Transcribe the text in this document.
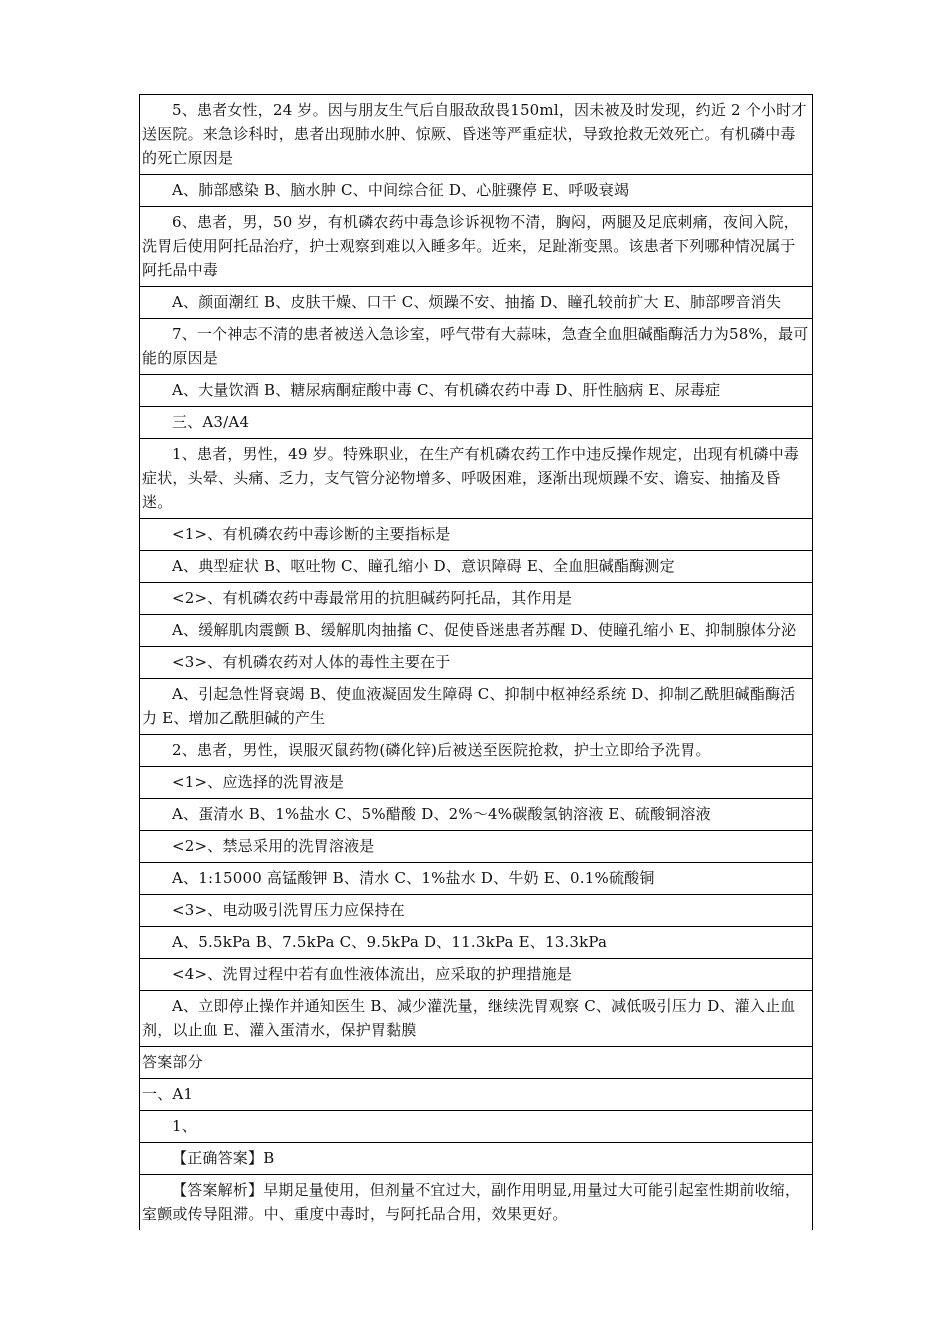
5、患者女性，24 岁。因与朋友生气后自服敌敌畏150ml，因未被及时发现，约近 2 个小时才送医院。来急诊科时，患者出现肺水肿、惊厥、昏迷等严重症状，导致抢救无效死亡。有机磷中毒的死亡原因是
A、肺部感染 B、脑水肿 C、中间综合征 D、心脏骤停 E、呼吸衰竭
6、患者，男，50 岁，有机磷农药中毒急诊诉视物不清，胸闷，两腿及足底刺痛，夜间入院，洗胃后使用阿托品治疗，护士观察到难以入睡多年。近来，足趾渐变黑。该患者下列哪种情况属于阿托品中毒
A、颜面潮红 B、皮肤干燥、口干 C、烦躁不安、抽搐 D、瞳孔较前扩大 E、肺部啰音消失
7、一个神志不清的患者被送入急诊室，呼气带有大蒜味，急查全血胆碱酯酶活力为58%，最可能的原因是
A、大量饮酒 B、糖尿病酮症酸中毒 C、有机磷农药中毒 D、肝性脑病 E、尿毒症
三、A3/A4
1、患者，男性，49 岁。特殊职业，在生产有机磷农药工作中违反操作规定，出现有机磷中毒症状，头晕、头痛、乏力，支气管分泌物增多、呼吸困难，逐渐出现烦躁不安、谵妄、抽搐及昏迷。
<1>、有机磷农药中毒诊断的主要指标是
A、典型症状 B、呕吐物 C、瞳孔缩小 D、意识障碍 E、全血胆碱酯酶测定
<2>、有机磷农药中毒最常用的抗胆碱药阿托品，其作用是
A、缓解肌肉震颤 B、缓解肌肉抽搐 C、促使昏迷患者苏醒 D、使瞳孔缩小 E、抑制腺体分泌
<3>、有机磷农药对人体的毒性主要在于
A、引起急性肾衰竭 B、使血液凝固发生障碍 C、抑制中枢神经系统 D、抑制乙酰胆碱酯酶活力 E、增加乙酰胆碱的产生
2、患者，男性，误服灭鼠药物(磷化锌)后被送至医院抢救，护士立即给予洗胃。
<1>、应选择的洗胃液是
A、蛋清水 B、1%盐水 C、5%醋酸 D、2%～4%碳酸氢钠溶液 E、硫酸铜溶液
<2>、禁忌采用的洗胃溶液是
A、1:15000 高锰酸钾 B、清水 C、1%盐水 D、牛奶 E、0.1%硫酸铜
<3>、电动吸引洗胃压力应保持在
A、5.5kPa B、7.5kPa C、9.5kPa D、11.3kPa E、13.3kPa
<4>、洗胃过程中若有血性液体流出，应采取的护理措施是
A、立即停止操作并通知医生 B、减少灌洗量，继续洗胃观察 C、减低吸引压力 D、灌入止血剂，以止血 E、灌入蛋清水，保护胃黏膜
答案部分
一、A1
1、
【正确答案】B
【答案解析】早期足量使用，但剂量不宜过大，副作用明显,用量过大可能引起室性期前收缩，室颤或传导阻滞。中、重度中毒时，与阿托品合用，效果更好。
